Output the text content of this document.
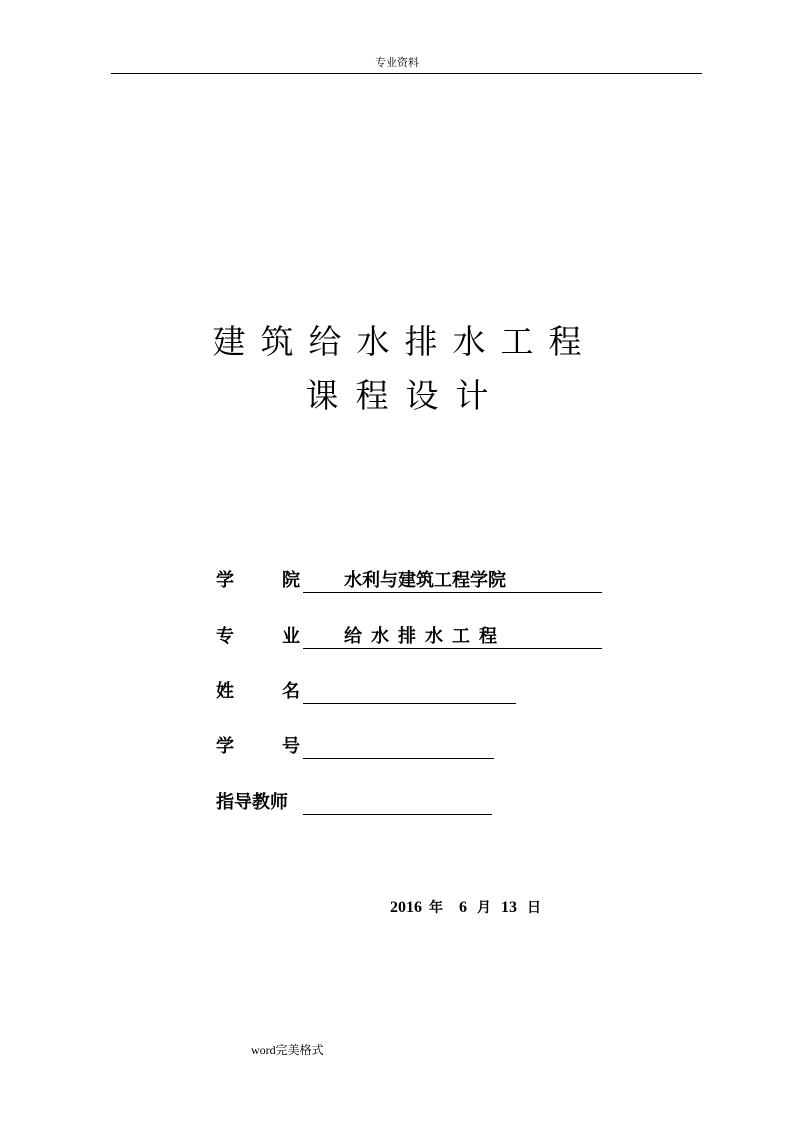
专业资料
建筑给水排水工程
课程设计
学	院 水利与建筑工程学院
专	业 给水排水工程
姓	名
学	号
指导教师
2016 年 6 月 13 日
word完美格式
